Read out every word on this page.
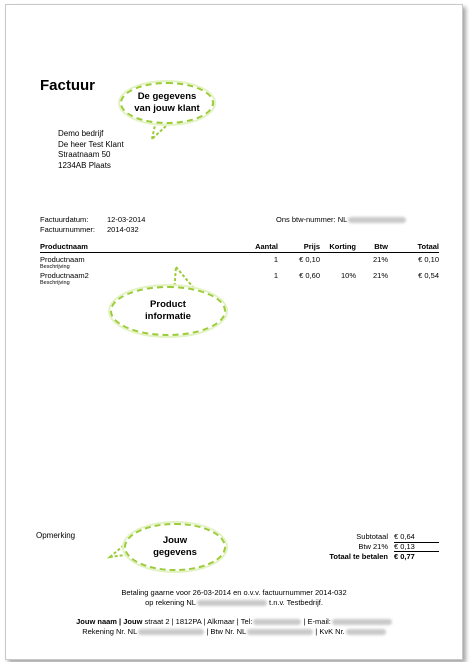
Factuur
De gegevens
van jouw klant
Demo bedrijf
De heer Test Klant
Straatnaam 50
1234AB Plaats
Factuurdatum: 12-03-2014
Factuurnummer: 2014-032
Ons btw-nummer: NL
Productnaam	Aantal	Prijs	Korting	Btw	Totaal
Productnaam
Beschrijving	1	€ 0,10		21%	€ 0,10
Productnaam2
Beschrijving	1	€ 0,60	10%	21%	€ 0,54
Product
informatie
Opmerking	Jouw
gegevens
Subtotaal € 0,64
Btw 21% € 0,13
Totaal te betalen € 0,77
Betaling gaarne voor 26-03-2014 en o.v.v. factuurnummer 2014-032
op rekening NL	t.n.v. Testbedrijf.
Jouw naam | Jouw straat 2 | 1812PA | Alkmaar | Tel:	| E-mail:
Rekening Nr. NL	| Btw Nr. NL	| KvK Nr.
